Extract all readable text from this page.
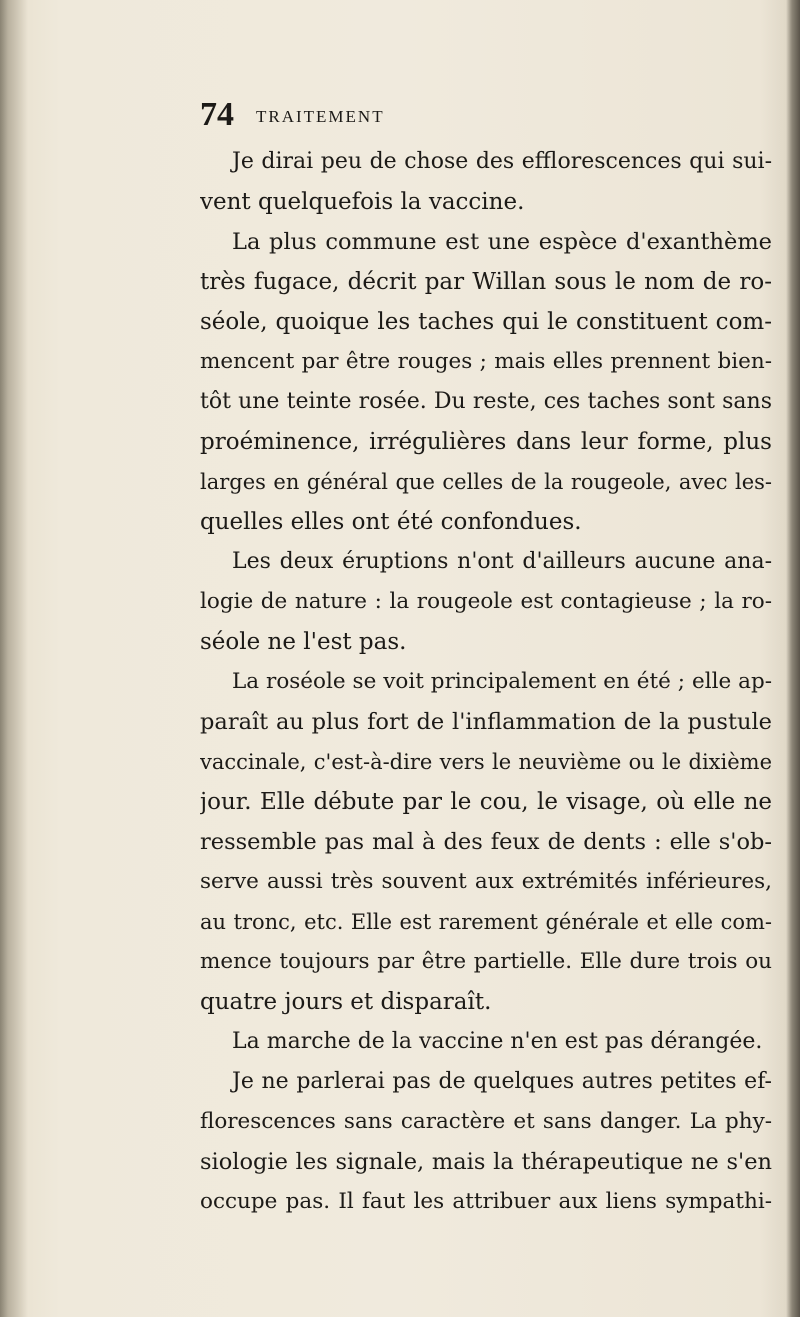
74 TRAITEMENT
Je dirai peu de chose des efflorescences qui sui-
vent quelquefois la vaccine.
La plus commune est une espèce d'exanthème
très fugace, décrit par Willan sous le nom de ro-
séole, quoique les taches qui le constituent com-
mencent par être rouges ; mais elles prennent bien-
tôt une teinte rosée. Du reste, ces taches sont sans
proéminence, irrégulières dans leur forme, plus
larges en général que celles de la rougeole, avec les-
quelles elles ont été confondues.
Les deux éruptions n'ont d'ailleurs aucune ana-
logie de nature : la rougeole est contagieuse ; la ro-
séole ne l'est pas.
La roséole se voit principalement en été ; elle ap-
paraît au plus fort de l'inflammation de la pustule
vaccinale, c'est-à-dire vers le neuvième ou le dixième
jour. Elle débute par le cou, le visage, où elle ne
ressemble pas mal à des feux de dents : elle s'ob-
serve aussi très souvent aux extrémités inférieures,
au tronc, etc. Elle est rarement générale et elle com-
mence toujours par être partielle. Elle dure trois ou
quatre jours et disparaît.
La marche de la vaccine n'en est pas dérangée.
Je ne parlerai pas de quelques autres petites ef-
florescences sans caractère et sans danger. La phy-
siologie les signale, mais la thérapeutique ne s'en
occupe pas. Il faut les attribuer aux liens sympathi-
